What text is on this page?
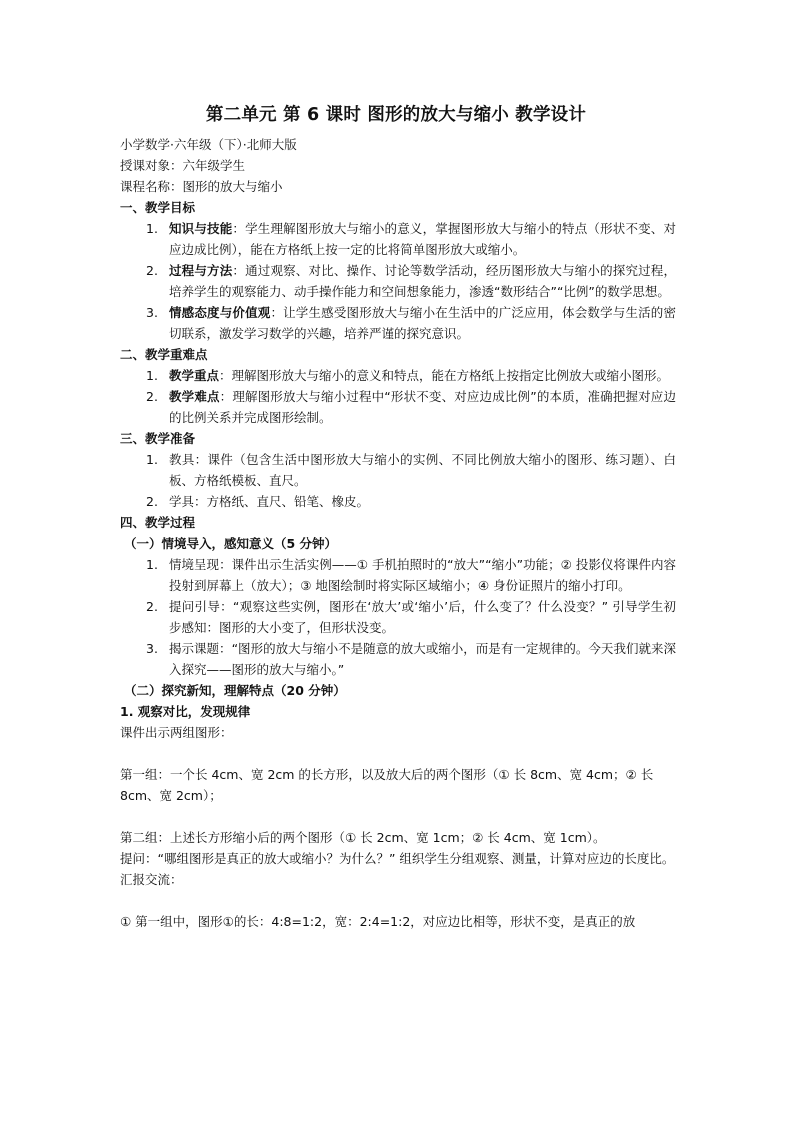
第二单元 第 6 课时 图形的放大与缩小 教学设计

小学数学·六年级（下）·北师大版

授课对象：六年级学生

课程名称：图形的放大与缩小

一、教学目标

1. 知识与技能：学生理解图形放大与缩小的意义，掌握图形放大与缩小的特点（形状不变、对应边成比例），能在方格纸上按一定的比将简单图形放大或缩小。
2. 过程与方法：通过观察、对比、操作、讨论等数学活动，经历图形放大与缩小的探究过程，培养学生的观察能力、动手操作能力和空间想象能力，渗透“数形结合”“比例”的数学思想。
3. 情感态度与价值观：让学生感受图形放大与缩小在生活中的广泛应用，体会数学与生活的密切联系，激发学习数学的兴趣，培养严谨的探究意识。

二、教学重难点

1. 教学重点：理解图形放大与缩小的意义和特点，能在方格纸上按指定比例放大或缩小图形。
2. 教学难点：理解图形放大与缩小过程中“形状不变、对应边成比例”的本质，准确把握对应边的比例关系并完成图形绘制。

三、教学准备

1. 教具：课件（包含生活中图形放大与缩小的实例、不同比例放大缩小的图形、练习题）、白板、方格纸模板、直尺。
2. 学具：方格纸、直尺、铅笔、橡皮。

四、教学过程

（一）情境导入，感知意义（5 分钟）

1. 情境呈现：课件出示生活实例——① 手机拍照时的“放大”“缩小”功能；② 投影仪将课件内容投射到屏幕上（放大）；③ 地图绘制时将实际区域缩小；④ 身份证照片的缩小打印。
2. 提问引导：“观察这些实例，图形在‘放大’或‘缩小’后，什么变了？什么没变？” 引导学生初步感知：图形的大小变了，但形状没变。
3. 揭示课题：“图形的放大与缩小不是随意的放大或缩小，而是有一定规律的。今天我们就来深入探究——图形的放大与缩小。”

（二）探究新知，理解特点（20 分钟）

1. 观察对比，发现规律

课件出示两组图形：

第一组：一个长 4cm、宽 2cm 的长方形，以及放大后的两个图形（① 长 8cm、宽 4cm；② 长 8cm、宽 2cm）；

第二组：上述长方形缩小后的两个图形（① 长 2cm、宽 1cm；② 长 4cm、宽 1cm）。

提问：“哪组图形是真正的放大或缩小？为什么？” 组织学生分组观察、测量，计算对应边的长度比。

汇报交流：

① 第一组中，图形①的长：4:8=1:2，宽：2:4=1:2，对应边比相等，形状不变，是真正的放
